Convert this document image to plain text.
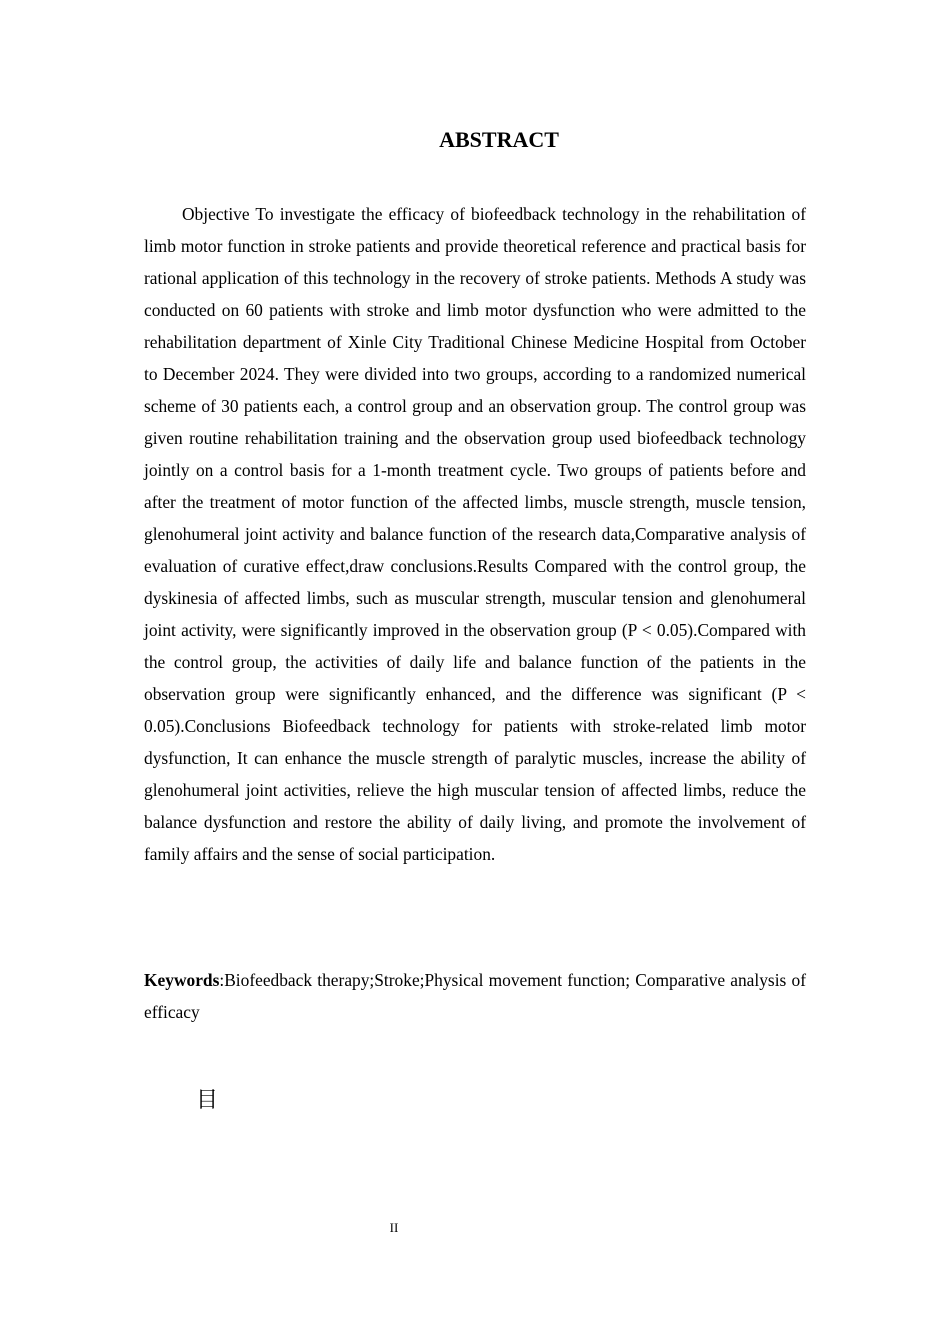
ABSTRACT

Objective To investigate the efficacy of biofeedback technology in the rehabilitation of limb motor function in stroke patients and provide theoretical reference and practical basis for rational application of this technology in the recovery of stroke patients. Methods A study was conducted on 60 patients with stroke and limb motor dysfunction who were admitted to the rehabilitation department of Xinle City Traditional Chinese Medicine Hospital from October to December 2024. They were divided into two groups, according to a randomized numerical scheme of 30 patients each, a control group and an observation group. The control group was given routine rehabilitation training and the observation group used biofeedback technology jointly on a control basis for a 1-month treatment cycle. Two groups of patients before and after the treatment of motor function of the affected limbs, muscle strength, muscle tension, glenohumeral joint activity and balance function of the research data,Comparative analysis of evaluation of curative effect,draw conclusions.Results Compared with the control group, the dyskinesia of affected limbs, such as muscular strength, muscular tension and glenohumeral joint activity, were significantly improved in the observation group (P < 0.05).Compared with the control group, the activities of daily life and balance function of the patients in the observation group were significantly enhanced, and the difference was significant (P < 0.05).Conclusions Biofeedback technology for patients with stroke-related limb motor dysfunction, It can enhance the muscle strength of paralytic muscles, increase the ability of glenohumeral joint activities, relieve the high muscular tension of affected limbs, reduce the balance dysfunction and restore the ability of daily living, and promote the involvement of family affairs and the sense of social participation.

Keywords:Biofeedback therapy;Stroke;Physical movement function; Comparative analysis of efficacy

目
II
